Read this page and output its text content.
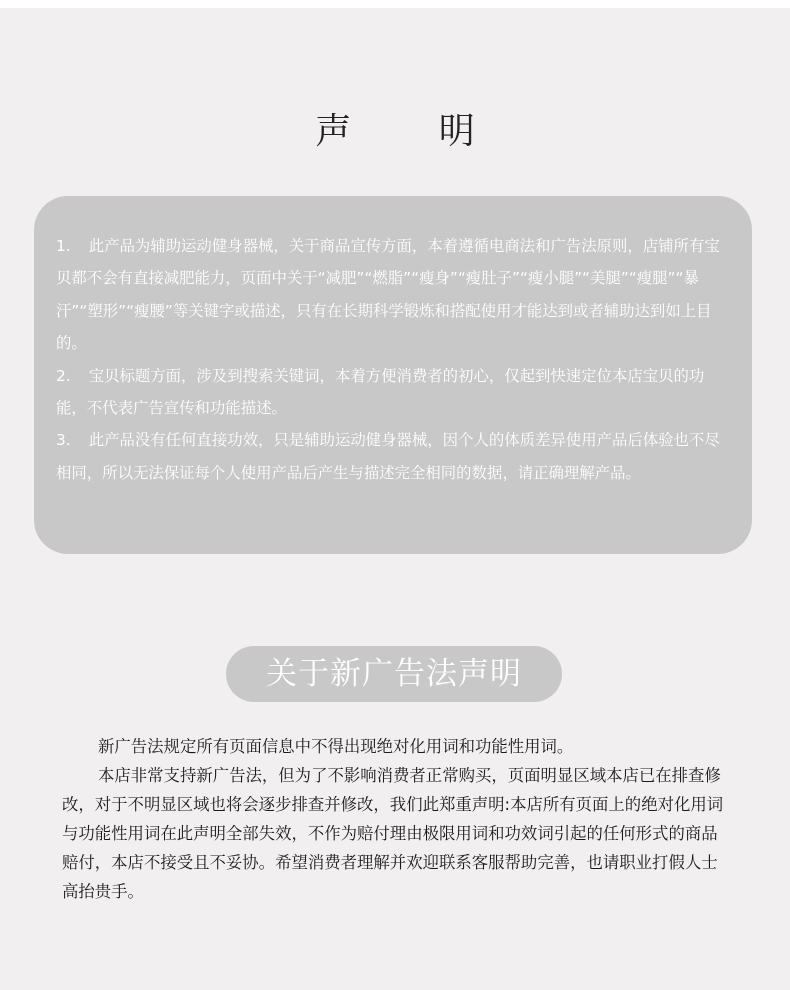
声 明

1. 此产品为辅助运动健身器械，关于商品宣传方面，本着遵循电商法和广告法原则，店铺所有宝贝都不会有直接减肥能力，页面中关于“减肥”“燃脂”“瘦身”“瘦肚子”“瘦小腿”“美腿”“瘦腿”“暴汗”“塑形”“瘦腰”等关键字或描述，只有在长期科学锻炼和搭配使用才能达到或者辅助达到如上目的。

2. 宝贝标题方面，涉及到搜索关键词，本着方便消费者的初心，仅起到快速定位本店宝贝的功能，不代表广告宣传和功能描述。

3. 此产品没有任何直接功效，只是辅助运动健身器械，因个人的体质差异使用产品后体验也不尽相同，所以无法保证每个人使用产品后产生与描述完全相同的数据，请正确理解产品。

关于新广告法声明

新广告法规定所有页面信息中不得出现绝对化用词和功能性用词。

本店非常支持新广告法，但为了不影响消费者正常购买，页面明显区域本店已在排查修改，对于不明显区域也将会逐步排查并修改，我们此郑重声明:本店所有页面上的绝对化用词与功能性用词在此声明全部失效，不作为赔付理由极限用词和功效词引起的任何形式的商品赔付，本店不接受且不妥协。希望消费者理解并欢迎联系客服帮助完善，也请职业打假人士高抬贵手。
